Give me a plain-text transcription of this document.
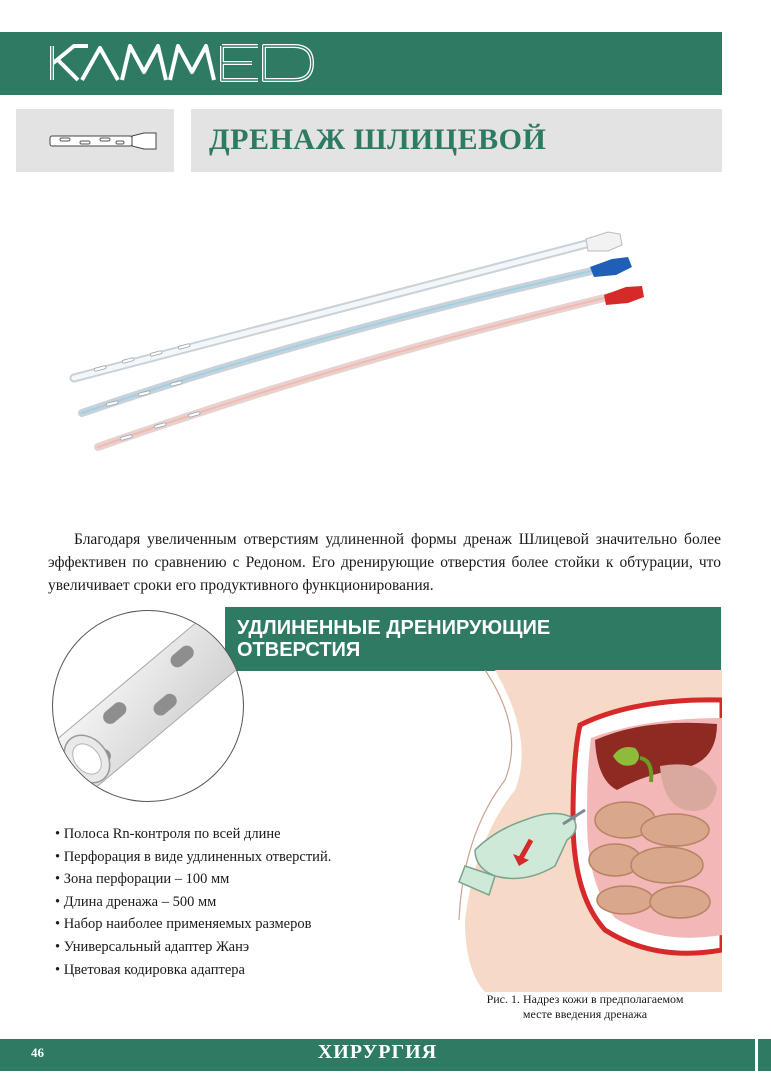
ДРЕНАЖ ШЛИЦЕВОЙ
Благодаря увеличенным отверстиям удлиненной формы дренаж Шлицевой значительно более эффективен по сравнению с Редоном. Его дренирующие отверстия более стойки к обтурации, что увеличивает сроки его продуктивного функционирования.
УДЛИНЕННЫЕ ДРЕНИРУЮЩИЕ
ОТВЕРСТИЯ
• Полоса Rn-контроля по всей длине
• Перфорация в виде удлиненных отверстий.
• Зона перфорации – 100 мм
• Длина дренажа – 500 мм
• Набор наиболее применяемых размеров
• Универсальный адаптер Жанэ
• Цветовая кодировка адаптера
Рис. 1. Надрез кожи в предполагаемом
месте введения дренажа
46	ХИРУРГИЯ
